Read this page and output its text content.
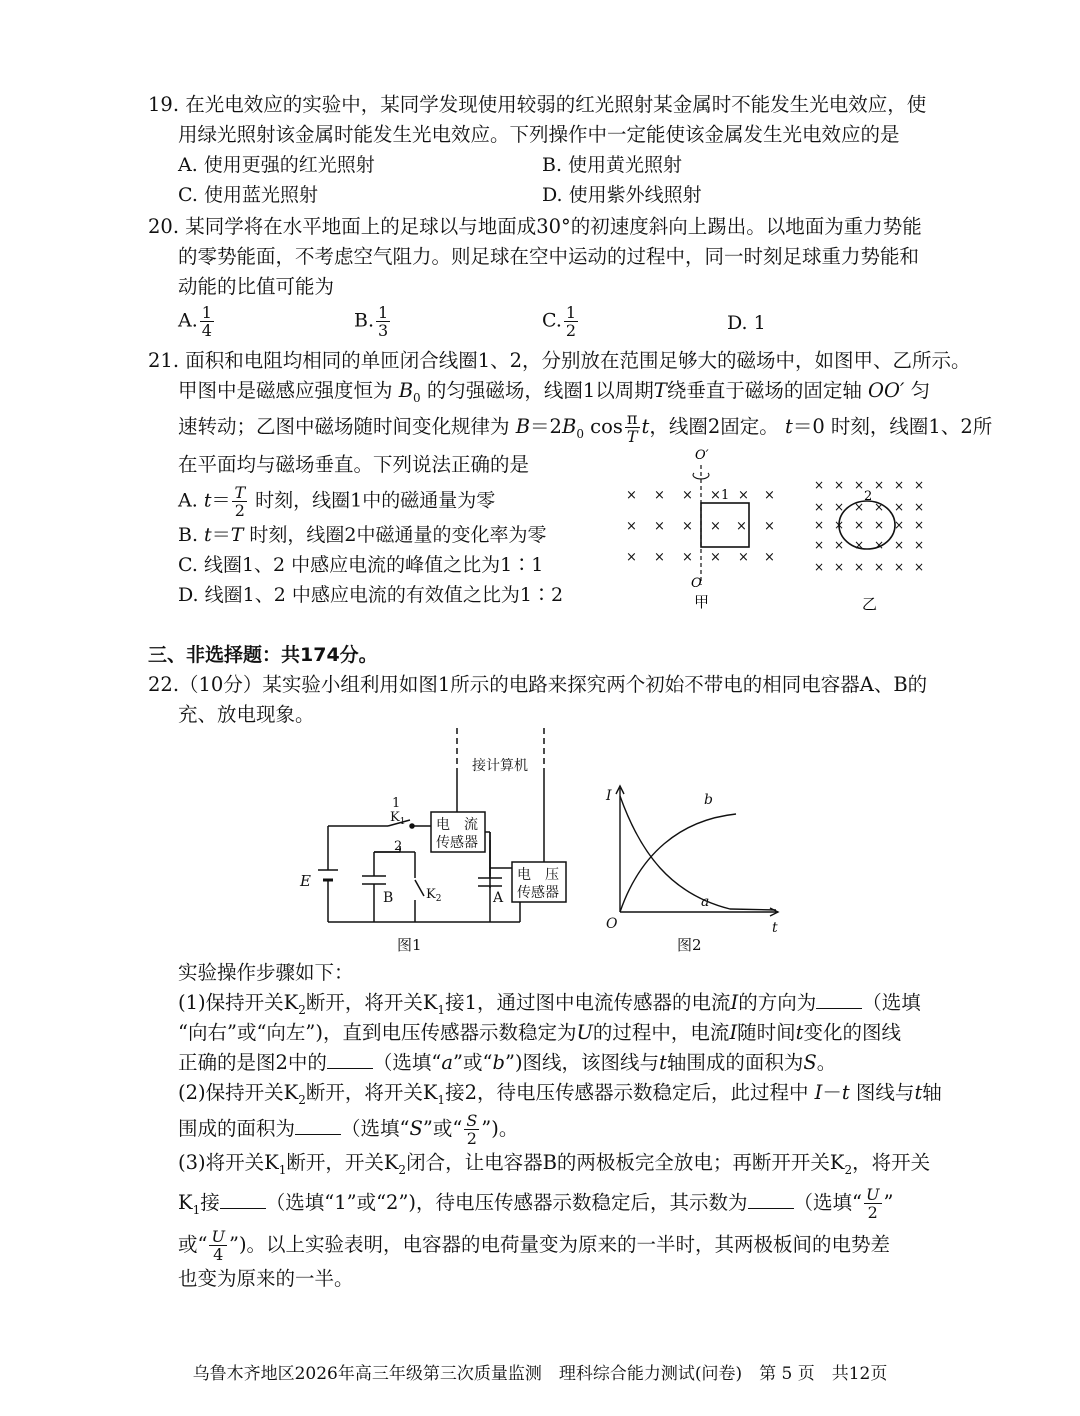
19. 在光电效应的实验中，某同学发现使用较弱的红光照射某金属时不能发生光电效应，使
用绿光照射该金属时能发生光电效应。下列操作中一定能使该金属发生光电效应的是
A. 使用更强的红光照射	B. 使用黄光照射
C. 使用蓝光照射	D. 使用紫外线照射
20. 某同学将在水平地面上的足球以与地面成30°的初速度斜向上踢出。以地面为重力势能
的零势能面，不考虑空气阻力。则足球在空中运动的过程中，同一时刻足球重力势能和
动能的比值可能为
A. $\frac{1}{4}$	B. $\frac{1}{3}$	C. $\frac{1}{2}$	D. 1
21. 面积和电阻均相同的单匝闭合线圈1、2，分别放在范围足够大的磁场中，如图甲、乙所示。
甲图中是磁感应强度恒为 $B_0$ 的匀强磁场，线圈1以周期T绕垂直于磁场的固定轴 OO′ 匀
速转动；乙图中磁场随时间变化规律为 $B=2B_0$ $\cos \frac{\pi}{T}$ t，线圈2固定。 t＝0 时刻，线圈1、2所
在平面均与磁场垂直。下列说法正确的是
A. $t= \frac{T}{2}$ 时刻，线圈1中的磁通量为零
B. t＝T 时刻，线圈2中磁通量的变化率为零
C. 线圈1、2 中感应电流的峰值之比为1∶1
D. 线圈1、2 中感应电流的有效值之比为1∶2
× × × × × ×
× × × × × ×
× × × × × ×
O′
O
1
甲
× × × × × ×
× × × × × ×
× × × × × ×
× × × × × ×
× × × × × ×
2
乙
三、非选择题：共174分。
22.（10分）某实验小组利用如图1所示的电路来探究两个初始不带电的相同电容器A、B的
充、放电现象。
接计算机
电　流
传感器
电　压
传感器
E
$K_1$
$K_2$
1
2
B	A
图1
I
t
O
a
b
图2
实验操作步骤如下：
(1)保持开关$K_2$断开，将开关$K_1$接1，通过图中电流传感器的电流I的方向为 （选填
“向右”或“向左”)，直到电压传感器示数稳定为U的过程中，电流I随时间t变化的图线
正确的是图2中的 （选填“a”或“b”)图线，该图线与t轴围成的面积为S。
(2)保持开关$K_2$断开，将开关$K_1$接2，待电压传感器示数稳定后，此过程中 I－t 图线与t轴
围成的面积为 （选填“S”或“ $\frac{S}{2}$ ”)。
(3)将开关$K_1$断开，开关$K_2$闭合，让电容器B的两极板完全放电；再断开开关$K_2$，将开关
$K_1$接 （选填“1”或“2”)，待电压传感器示数稳定后，其示数为 （选填“ $\frac{U}{2}$ ”
或“ $\frac{U}{4}$ ”)。以上实验表明，电容器的电荷量变为原来的一半时，其两极板间的电势差
也变为原来的一半。
乌鲁木齐地区2026年高三年级第三次质量监测　理科综合能力测试(问卷)　第 5 页　共12页
